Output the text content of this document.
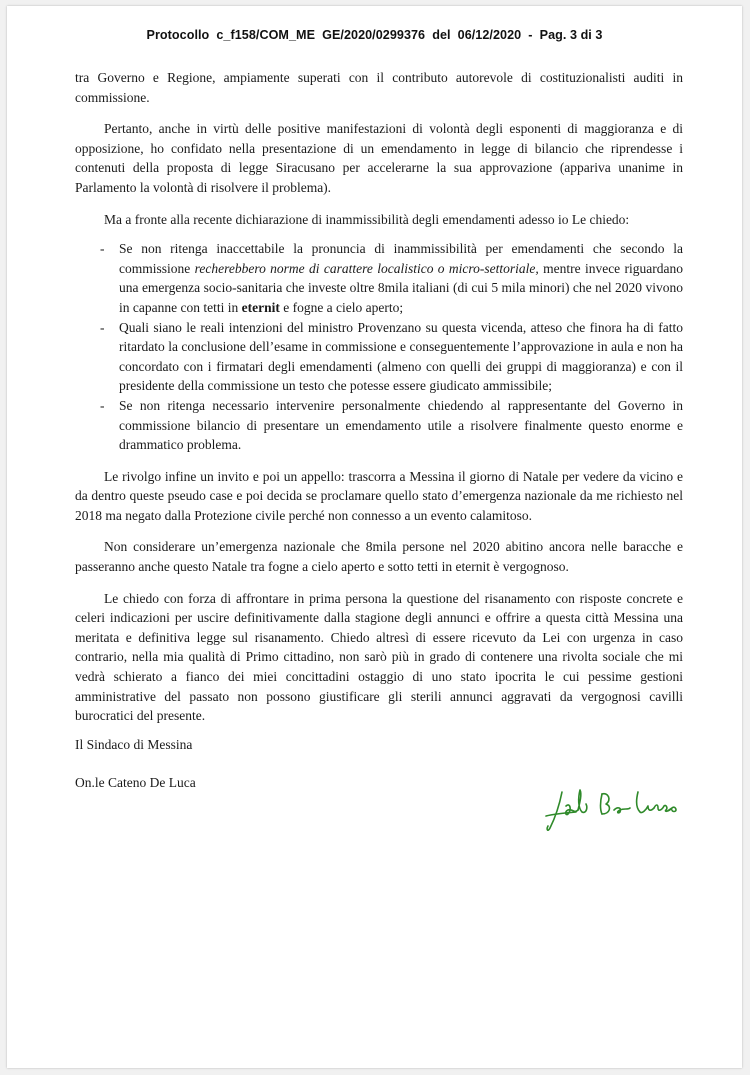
Protocollo  c_f158/COM_ME  GE/2020/0299376  del  06/12/2020  -  Pag. 3 di 3

tra Governo e Regione, ampiamente superati con il contributo autorevole di costituzionalisti auditi in commissione.

Pertanto, anche in virtù delle positive manifestazioni di volontà degli esponenti di maggioranza e di opposizione, ho confidato nella presentazione di un emendamento in legge di bilancio che riprendesse i contenuti della proposta di legge Siracusano per accelerarne la sua approvazione (appariva unanime in Parlamento la volontà di risolvere il problema).

Ma a fronte alla recente dichiarazione di inammissibilità degli emendamenti adesso io Le chiedo:

- Se non ritenga inaccettabile la pronuncia di inammissibilità per emendamenti che secondo la commissione recherebbero norme di carattere localistico o micro-settoriale, mentre invece riguardano una emergenza socio-sanitaria che investe oltre 8mila italiani (di cui 5 mila minori) che nel 2020 vivono in capanne con tetti in eternit e fogne a cielo aperto;
- Quali siano le reali intenzioni del ministro Provenzano su questa vicenda, atteso che finora ha di fatto ritardato la conclusione dell’esame in commissione e conseguentemente l’approvazione in aula e non ha concordato con i firmatari degli emendamenti (almeno con quelli dei gruppi di maggioranza) e con il presidente della commissione un testo che potesse essere giudicato ammissibile;
- Se non ritenga necessario intervenire personalmente chiedendo al rappresentante del Governo in commissione bilancio di presentare un emendamento utile a risolvere finalmente questo enorme e drammatico problema.

Le rivolgo infine un invito e poi un appello: trascorra a Messina il giorno di Natale per vedere da vicino e da dentro queste pseudo case e poi decida se proclamare quello stato d’emergenza nazionale da me richiesto nel 2018 ma negato dalla Protezione civile perché non connesso a un evento calamitoso.

Non considerare un’emergenza nazionale che 8mila persone nel 2020 abitino ancora nelle baracche e passeranno anche questo Natale tra fogne a cielo aperto e sotto tetti in eternit è vergognoso.

Le chiedo con forza di affrontare in prima persona la questione del risanamento con risposte concrete e celeri indicazioni per uscire definitivamente dalla stagione degli annunci e offrire a questa città Messina una meritata e definitiva legge sul risanamento. Chiedo altresì di essere ricevuto da Lei con urgenza in caso contrario, nella mia qualità di Primo cittadino, non sarò più in grado di contenere una rivolta sociale che mi vedrà schierato a fianco dei miei concittadini ostaggio di uno stato ipocrita le cui pessime gestioni amministrative del passato non possono giustificare gli sterili annunci aggravati da vergognosi cavilli burocratici del presente.

Il Sindaco di Messina

On.le Cateno De Luca
